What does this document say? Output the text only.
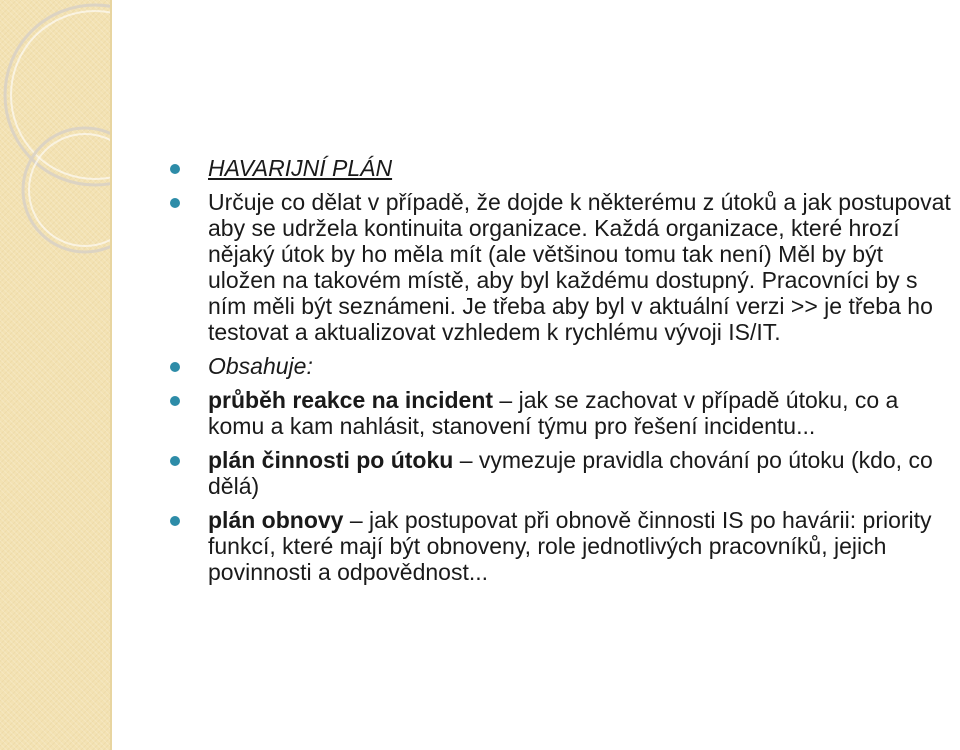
HAVARIJNÍ PLÁN
Určuje co dělat v případě, že dojde k některému z útoků a jak postupovat aby se udržela kontinuita organizace. Každá organizace, které hrozí nějaký útok by ho měla mít (ale většinou tomu tak není) Měl by být uložen na takovém místě, aby byl každému dostupný. Pracovníci by s ním měli být seznámeni. Je třeba aby byl v aktuální verzi >> je třeba ho testovat a aktualizovat vzhledem k rychlému vývoji IS/IT.
Obsahuje:
průběh reakce na incident – jak se zachovat v případě útoku, co a komu a kam nahlásit, stanovení týmu pro řešení incidentu...
plán činnosti po útoku – vymezuje pravidla chování po útoku (kdo, co dělá)
plán obnovy – jak postupovat při obnově činnosti IS po havárii: priority funkcí, které mají být obnoveny, role jednotlivých pracovníků, jejich povinnosti a odpovědnost...
